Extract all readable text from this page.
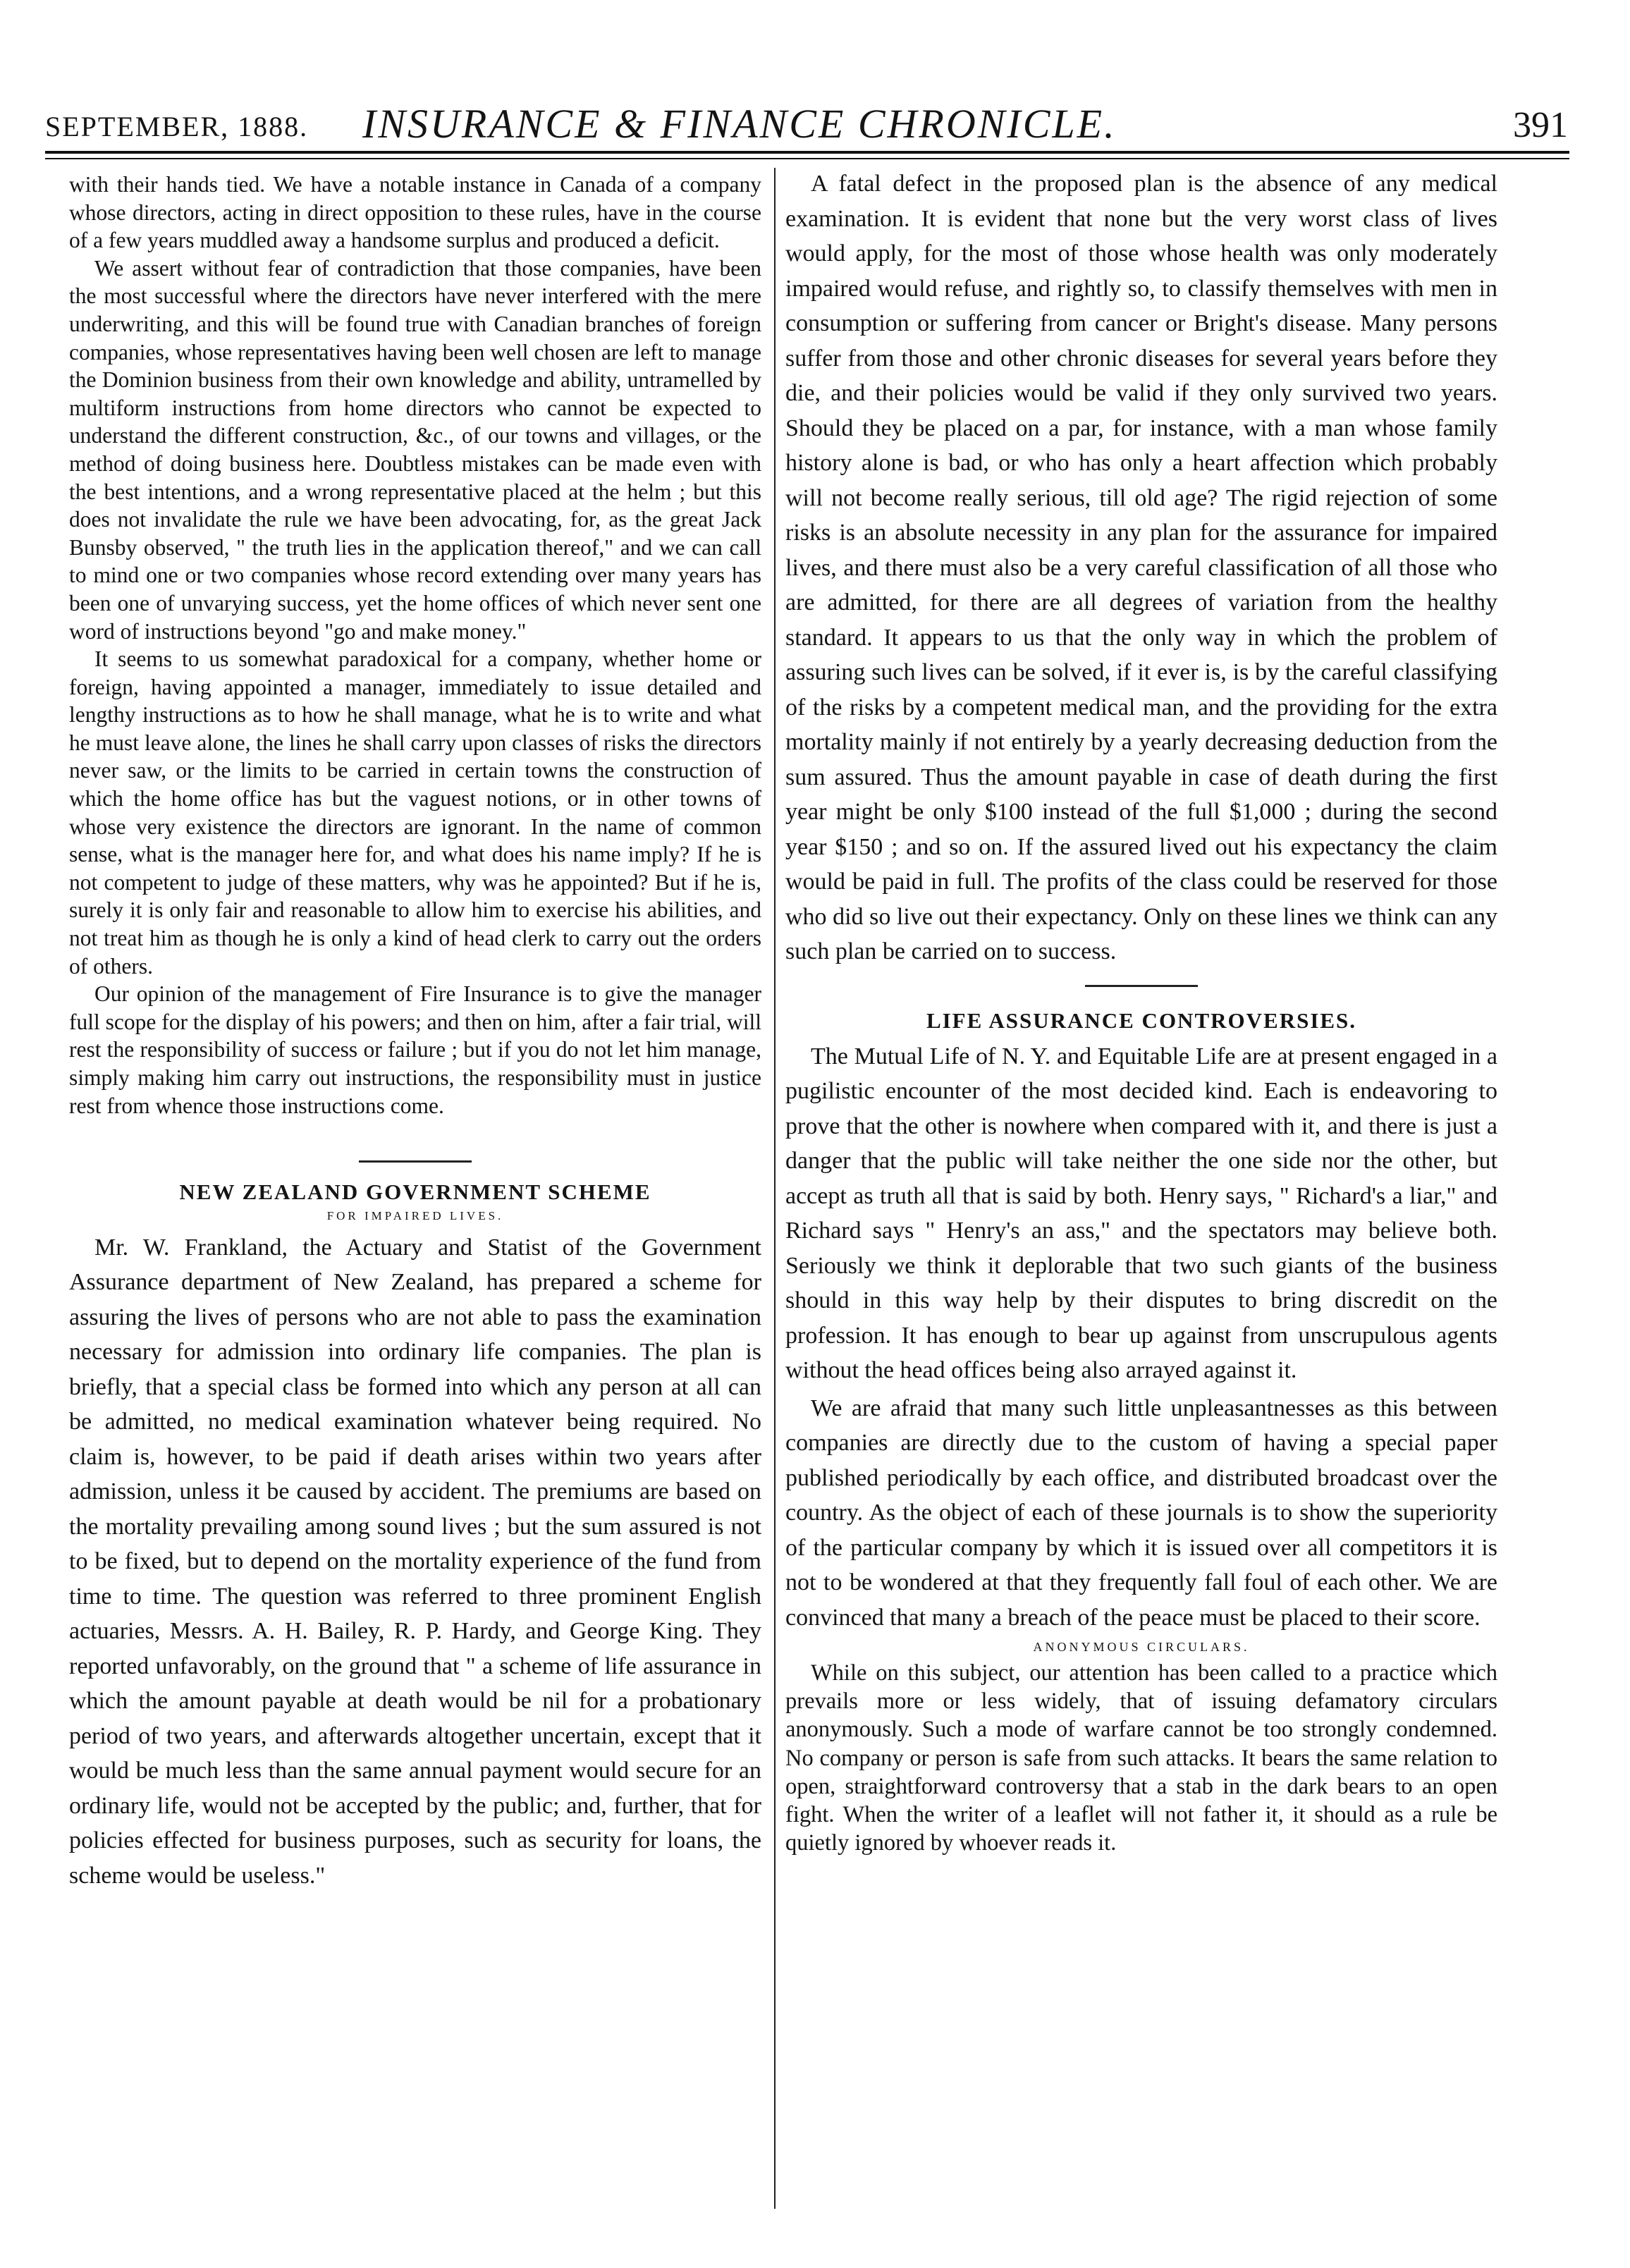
SEPTEMBER, 1888. INSURANCE & FINANCE CHRONICLE.	391

with their hands tied. We have a notable instance in Canada of a company whose directors, acting in direct opposition to these rules, have in the course of a few years muddled away a handsome surplus and produced a deficit.

We assert without fear of contradiction that those companies, have been the most successful where the directors have never interfered with the mere underwriting, and this will be found true with Canadian branches of foreign companies, whose representatives having been well chosen are left to manage the Dominion business from their own knowledge and ability, untramelled by multiform instructions from home directors who cannot be expected to understand the different construction, &c., of our towns and villages, or the method of doing business here. Doubtless mistakes can be made even with the best intentions, and a wrong representative placed at the helm ; but this does not invalidate the rule we have been advocating, for, as the great Jack Bunsby observed, " the truth lies in the application thereof," and we can call to mind one or two companies whose record extending over many years has been one of unvarying success, yet the home offices of which never sent one word of instructions beyond "go and make money."

It seems to us somewhat paradoxical for a company, whether home or foreign, having appointed a manager, immediately to issue detailed and lengthy instructions as to how he shall manage, what he is to write and what he must leave alone, the lines he shall carry upon classes of risks the directors never saw, or the limits to be carried in certain towns the construction of which the home office has but the vaguest notions, or in other towns of whose very existence the directors are ignorant. In the name of common sense, what is the manager here for, and what does his name imply? If he is not competent to judge of these matters, why was he appointed? But if he is, surely it is only fair and reasonable to allow him to exercise his abilities, and not treat him as though he is only a kind of head clerk to carry out the orders of others.

Our opinion of the management of Fire Insurance is to give the manager full scope for the display of his powers; and then on him, after a fair trial, will rest the responsibility of success or failure ; but if you do not let him manage, simply making him carry out instructions, the responsibility must in justice rest from whence those instructions come.

NEW ZEALAND GOVERNMENT SCHEME

FOR IMPAIRED LIVES.

Mr. W. Frankland, the Actuary and Statist of the Government Assurance department of New Zealand, has prepared a scheme for assuring the lives of persons who are not able to pass the examination necessary for admission into ordinary life companies. The plan is briefly, that a special class be formed into which any person at all can be admitted, no medical examination whatever being required. No claim is, however, to be paid if death arises within two years after admission, unless it be caused by accident. The premiums are based on the mortality prevailing among sound lives ; but the sum assured is not to be fixed, but to depend on the mortality experience of the fund from time to time. The question was referred to three prominent English actuaries, Messrs. A. H. Bailey, R. P. Hardy, and George King. They reported unfavorably, on the ground that " a scheme of life assurance in which the amount payable at death would be nil for a probationary period of two years, and afterwards altogether uncertain, except that it would be much less than the same annual payment would secure for an ordinary life, would not be accepted by the public; and, further, that for policies effected for business purposes, such as security for loans, the scheme would be useless."

A fatal defect in the proposed plan is the absence of any medical examination. It is evident that none but the very worst class of lives would apply, for the most of those whose health was only moderately impaired would refuse, and rightly so, to classify themselves with men in consumption or suffering from cancer or Bright's disease. Many persons suffer from those and other chronic diseases for several years before they die, and their policies would be valid if they only survived two years. Should they be placed on a par, for instance, with a man whose family history alone is bad, or who has only a heart affection which probably will not become really serious, till old age? The rigid rejection of some risks is an absolute necessity in any plan for the assurance for impaired lives, and there must also be a very careful classification of all those who are admitted, for there are all degrees of variation from the healthy standard. It appears to us that the only way in which the problem of assuring such lives can be solved, if it ever is, is by the careful classifying of the risks by a competent medical man, and the providing for the extra mortality mainly if not entirely by a yearly decreasing deduction from the sum assured. Thus the amount payable in case of death during the first year might be only $100 instead of the full $1,000 ; during the second year $150 ; and so on. If the assured lived out his expectancy the claim would be paid in full. The profits of the class could be reserved for those who did so live out their expectancy. Only on these lines we think can any such plan be carried on to success.

LIFE ASSURANCE CONTROVERSIES.

The Mutual Life of N. Y. and Equitable Life are at present engaged in a pugilistic encounter of the most decided kind. Each is endeavoring to prove that the other is nowhere when compared with it, and there is just a danger that the public will take neither the one side nor the other, but accept as truth all that is said by both. Henry says, " Richard's a liar," and Richard says " Henry's an ass," and the spectators may believe both. Seriously we think it deplorable that two such giants of the business should in this way help by their disputes to bring discredit on the profession. It has enough to bear up against from unscrupulous agents without the head offices being also arrayed against it.

We are afraid that many such little unpleasantnesses as this between companies are directly due to the custom of having a special paper published periodically by each office, and distributed broadcast over the country. As the object of each of these journals is to show the superiority of the particular company by which it is issued over all competitors it is not to be wondered at that they frequently fall foul of each other. We are convinced that many a breach of the peace must be placed to their score.

ANONYMOUS CIRCULARS.

While on this subject, our attention has been called to a practice which prevails more or less widely, that of issuing defamatory circulars anonymously. Such a mode of warfare cannot be too strongly condemned. No company or person is safe from such attacks. It bears the same relation to open, straightforward controversy that a stab in the dark bears to an open fight. When the writer of a leaflet will not father it, it should as a rule be quietly ignored by whoever reads it.
